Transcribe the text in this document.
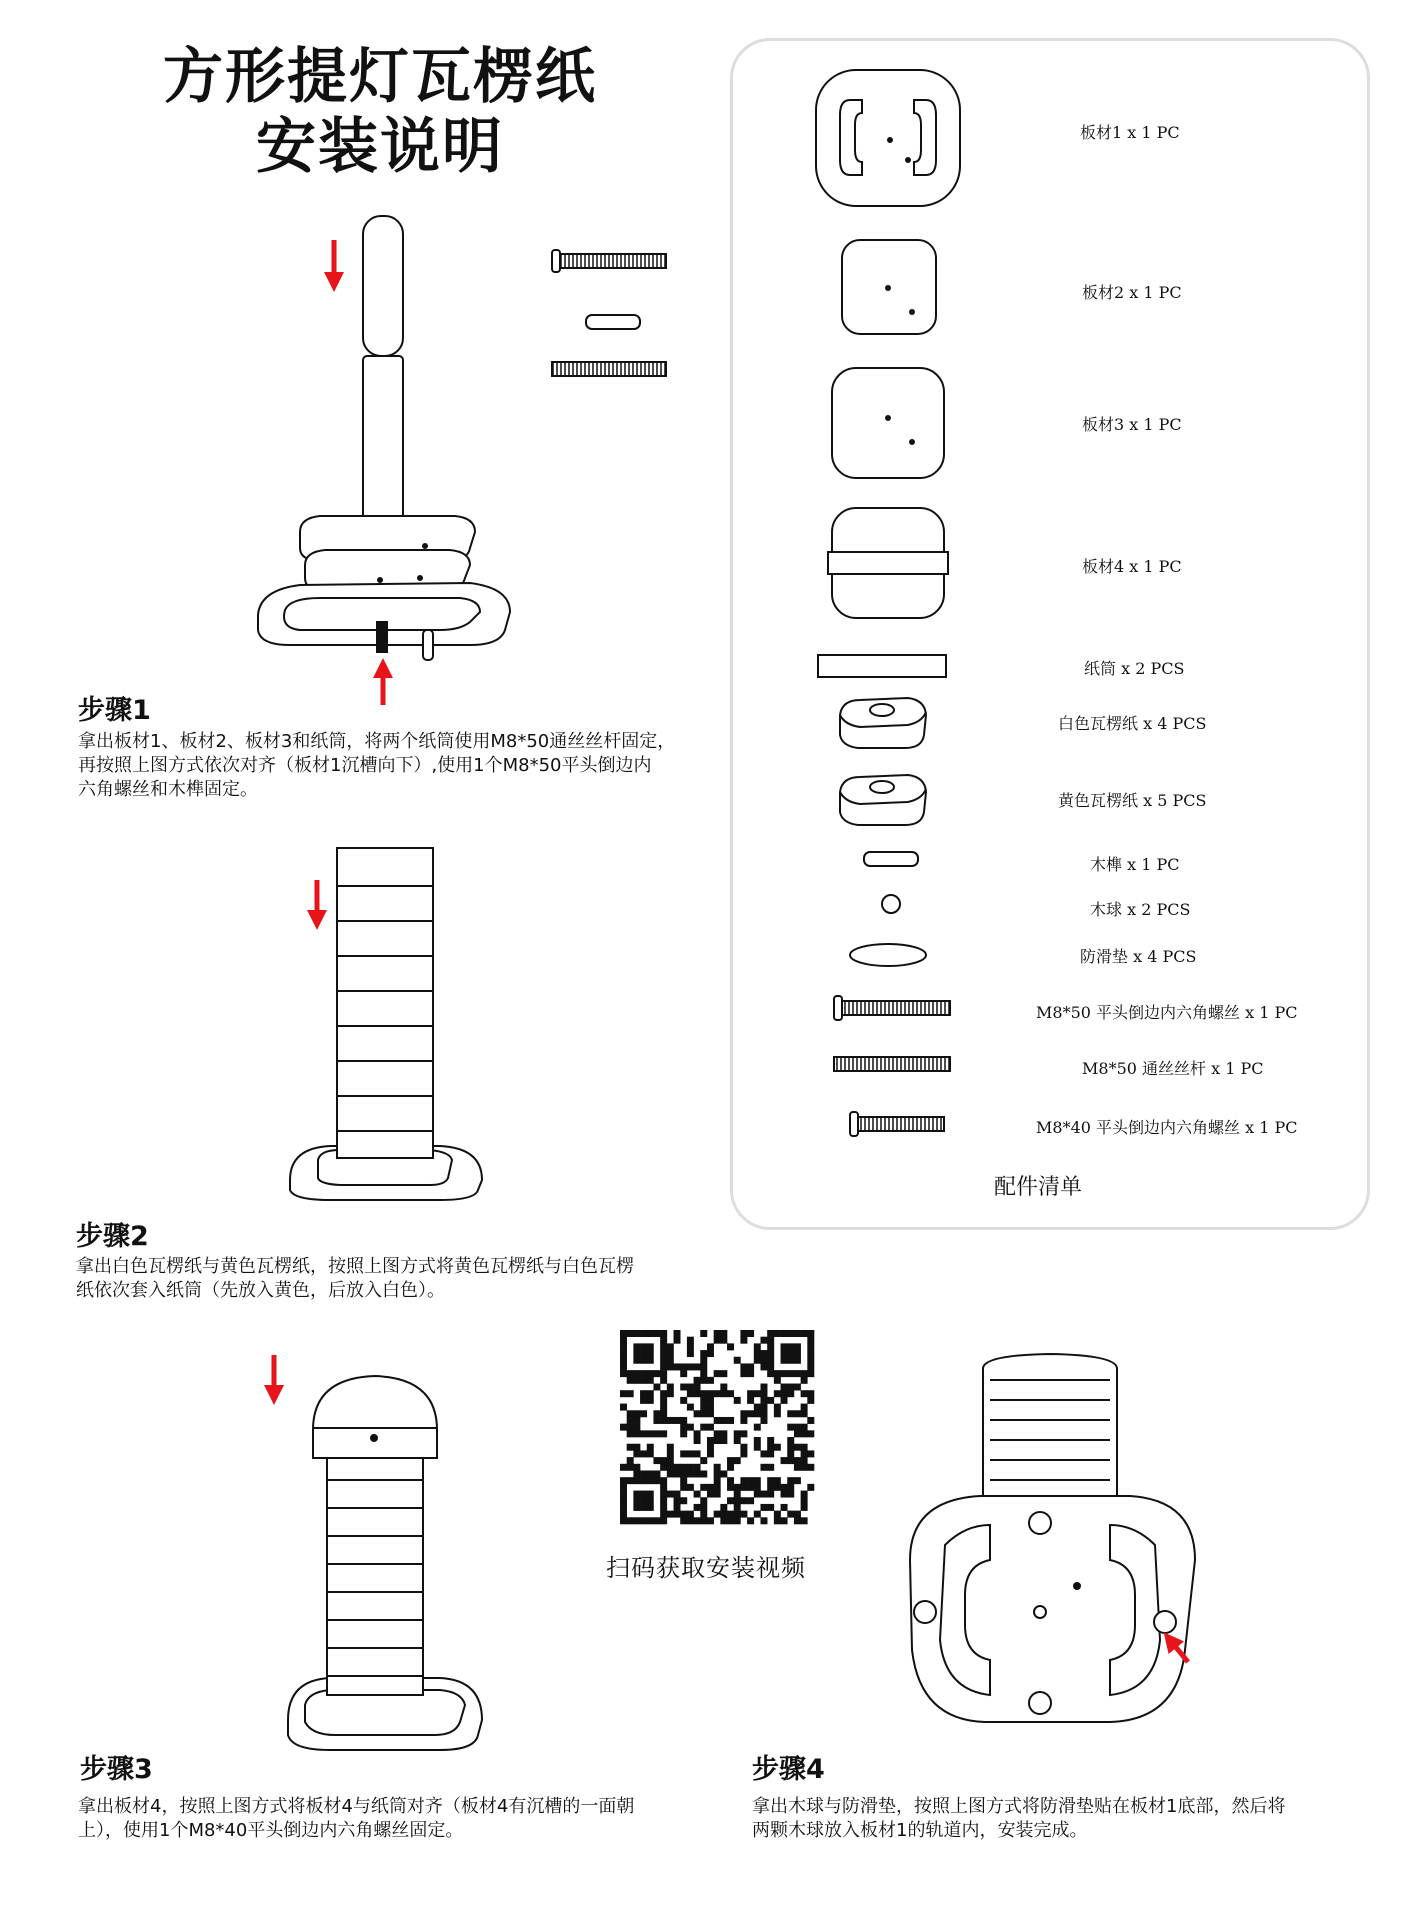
方形提灯瓦楞纸
安装说明	板材1 x 1 PC
板材2 x 1 PC
板材3 x 1 PC
板材4 x 1 PC
纸筒 x 2 PCS
白色瓦楞纸 x 4 PCS
黄色瓦楞纸 x 5 PCS
木榫 x 1 PC
木球 x 2 PCS
防滑垫 x 4 PCS
M8*50 平头倒边内六角螺丝 x 1 PC
M8*50 通丝丝杆 x 1 PC
M8*40 平头倒边内六角螺丝 x 1 PC
配件清单
步骤1
拿出板材1、板材2、板材3和纸筒，将两个纸筒使用M8*50通丝丝杆固定，
再按照上图方式依次对齐（板材1沉槽向下）,使用1个M8*50平头倒边内
六角螺丝和木榫固定。
步骤2
拿出白色瓦楞纸与黄色瓦楞纸，按照上图方式将黄色瓦楞纸与白色瓦楞
纸依次套入纸筒（先放入黄色，后放入白色）。
步骤3
拿出板材4，按照上图方式将板材4与纸筒对齐（板材4有沉槽的一面朝
上），使用1个M8*40平头倒边内六角螺丝固定。
步骤4
拿出木球与防滑垫，按照上图方式将防滑垫贴在板材1底部，然后将
两颗木球放入板材1的轨道内，安装完成。
扫码获取安装视频
